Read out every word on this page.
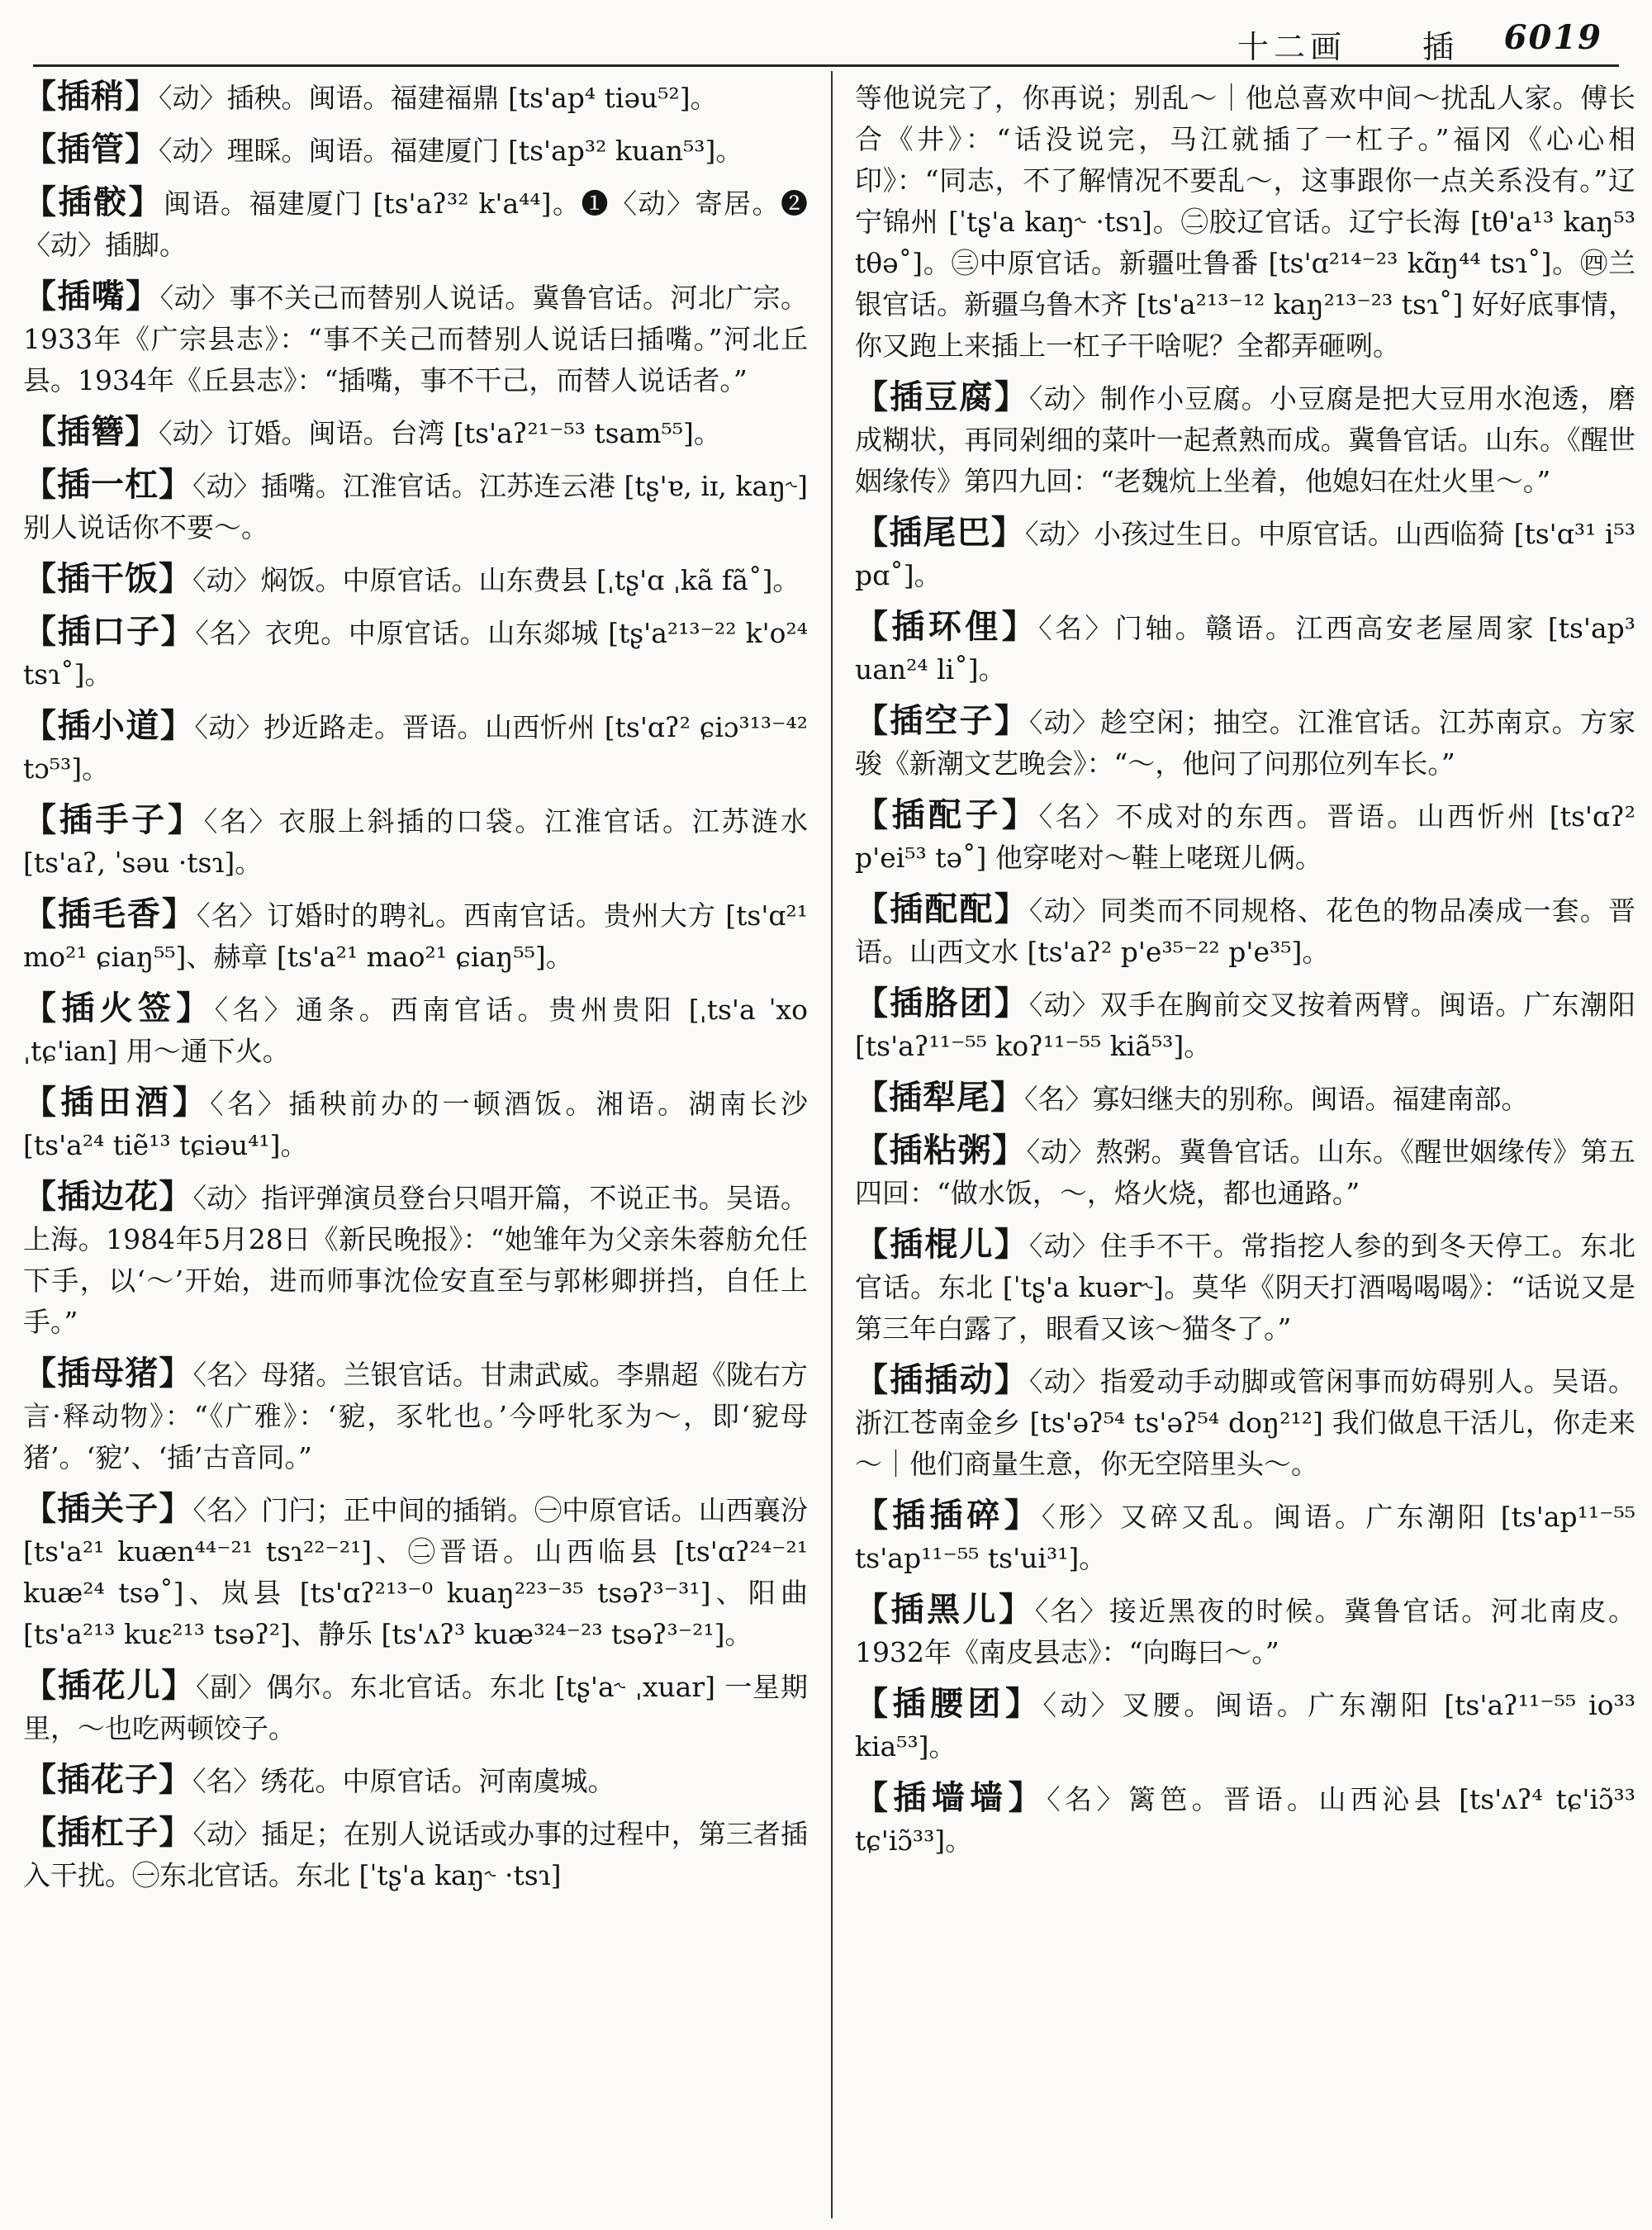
十二画 插 6019

【插稍】〈动〉插秧。闽语。福建福鼎 [ts'ap⁴ tiəu⁵²]。

【插管】〈动〉理睬。闽语。福建厦门 [ts'ap³² kuan⁵³]。

【插骹】闽语。福建厦门 [ts'aʔ³² k'a⁴⁴]。❶〈动〉寄居。❷〈动〉插脚。

【插嘴】〈动〉事不关己而替别人说话。冀鲁官话。河北广宗。1933年《广宗县志》：“事不关己而替别人说话曰插嘴。”河北丘县。1934年《丘县志》：“插嘴，事不干己，而替人说话者。”

【插簪】〈动〉订婚。闽语。台湾 [ts'aʔ²¹⁻⁵³ tsam⁵⁵]。

【插一杠】〈动〉插嘴。江淮官话。江苏连云港 [tʂ'ɐ, iɪ, kaŋ˞] 别人说话你不要～。

【插干饭】〈动〉焖饭。中原官话。山东费县 [ˌtʂ'ɑ ˌkã fã˚]。

【插口子】〈名〉衣兜。中原官话。山东郯城 [tʂ'a²¹³⁻²² k'o²⁴ tsɿ˚]。

【插小道】〈动〉抄近路走。晋语。山西忻州 [ts'ɑʔ² ɕiɔ³¹³⁻⁴² tɔ⁵³]。

【插手子】〈名〉衣服上斜插的口袋。江淮官话。江苏涟水 [ts'aʔ, ˈsəu ·tsɿ]。

【插毛香】〈名〉订婚时的聘礼。西南官话。贵州大方 [ts'ɑ²¹ mo²¹ ɕiaŋ⁵⁵]、赫章 [ts'a²¹ mao²¹ ɕiaŋ⁵⁵]。

【插火签】〈名〉通条。西南官话。贵州贵阳 [ˌts'a ˈxo ˌtɕ'ian] 用～通下火。

【插田酒】〈名〉插秧前办的一顿酒饭。湘语。湖南长沙 [ts'a²⁴ tiẽ¹³ tɕiəu⁴¹]。

【插边花】〈动〉指评弹演员登台只唱开篇，不说正书。吴语。上海。1984年5月28日《新民晚报》：“她雏年为父亲朱蓉舫允任下手，以‘～’开始，进而师事沈俭安直至与郭彬卿拼挡，自任上手。”

【插母猪】〈名〉母猪。兰银官话。甘肃武威。李鼎超《陇右方言·释动物》：“《广雅》：‘豟，豕牝也。’今呼牝豕为～，即‘豟母猪’。‘豟’、‘插’古音同。”

【插关子】〈名〉门闩；正中间的插销。㊀中原官话。山西襄汾 [ts'a²¹ kuæn⁴⁴⁻²¹ tsɿ²²⁻²¹]、㊁晋语。山西临县 [ts'ɑʔ²⁴⁻²¹ kuæ²⁴ tsə˚]、岚县 [ts'ɑʔ²¹³⁻⁰ kuaŋ²²³⁻³⁵ tsəʔ³⁻³¹]、阳曲 [ts'a²¹³ kuɛ²¹³ tsəʔ²]、静乐 [ts'ʌʔ³ kuæ³²⁴⁻²³ tsəʔ³⁻²¹]。

【插花儿】〈副〉偶尔。东北官话。东北 [tʂ'a˞ ˌxuar] 一星期里，～也吃两顿饺子。

【插花子】〈名〉绣花。中原官话。河南虞城。

【插杠子】〈动〉插足；在别人说话或办事的过程中，第三者插入干扰。㊀东北官话。东北 [ˈtʂ'a kaŋ˞ ·tsɿ]

等他说完了，你再说；别乱～｜他总喜欢中间～扰乱人家。傅长合《井》：“话没说完，马江就插了一杠子。”福冈《心心相印》：“同志，不了解情况不要乱～，这事跟你一点关系没有。”辽宁锦州 [ˈtʂ'a kaŋ˞ ·tsɿ]。㊁胶辽官话。辽宁长海 [tθ'a¹³ kaŋ⁵³ tθə˚]。㊂中原官话。新疆吐鲁番 [ts'ɑ²¹⁴⁻²³ kɑ̃ŋ⁴⁴ tsɿ˚]。㊃兰银官话。新疆乌鲁木齐 [ts'a²¹³⁻¹² kaŋ²¹³⁻²³ tsɿ˚] 好好底事情，你又跑上来插上一杠子干啥呢？全都弄砸咧。

【插豆腐】〈动〉制作小豆腐。小豆腐是把大豆用水泡透，磨成糊状，再同剁细的菜叶一起煮熟而成。冀鲁官话。山东。《醒世姻缘传》第四九回：“老魏炕上坐着，他媳妇在灶火里～。”

【插尾巴】〈动〉小孩过生日。中原官话。山西临猗 [ts'ɑ³¹ i⁵³ pɑ˚]。

【插环俚】〈名〉门轴。赣语。江西高安老屋周家 [ts'ap³ uan²⁴ li˚]。

【插空子】〈动〉趁空闲；抽空。江淮官话。江苏南京。方家骏《新潮文艺晚会》：“～，他问了问那位列车长。”

【插配子】〈名〉不成对的东西。晋语。山西忻州 [ts'ɑʔ² p'ei⁵³ tə˚] 他穿咾对～鞋上咾斑儿俩。

【插配配】〈动〉同类而不同规格、花色的物品凑成一套。晋语。山西文水 [ts'aʔ² p'e³⁵⁻²² p'e³⁵]。

【插胳团】〈动〉双手在胸前交叉按着两臂。闽语。广东潮阳 [ts'aʔ¹¹⁻⁵⁵ koʔ¹¹⁻⁵⁵ kiã⁵³]。

【插犁尾】〈名〉寡妇继夫的别称。闽语。福建南部。

【插粘粥】〈动〉熬粥。冀鲁官话。山东。《醒世姻缘传》第五四回：“做水饭，～，烙火烧，都也通路。”

【插棍儿】〈动〉住手不干。常指挖人参的到冬天停工。东北官话。东北 [ˈtʂ'a kuər˞]。莫华《阴天打酒喝喝喝》：“话说又是第三年白露了，眼看又该～猫冬了。”

【插插动】〈动〉指爱动手动脚或管闲事而妨碍别人。吴语。浙江苍南金乡 [ts'əʔ⁵⁴ ts'əʔ⁵⁴ doŋ²¹²] 我们做息干活儿，你走来～｜他们商量生意，你无空陪里头～。

【插插碎】〈形〉又碎又乱。闽语。广东潮阳 [ts'ap¹¹⁻⁵⁵ ts'ap¹¹⁻⁵⁵ ts'ui³¹]。

【插黑儿】〈名〉接近黑夜的时候。冀鲁官话。河北南皮。1932年《南皮县志》：“向晦曰～。”

【插腰团】〈动〉叉腰。闽语。广东潮阳 [ts'aʔ¹¹⁻⁵⁵ io³³ kia⁵³]。

【插墙墙】〈名〉篱笆。晋语。山西沁县 [ts'ʌʔ⁴ tɕ'iɔ̃³³ tɕ'iɔ̃³³]。
